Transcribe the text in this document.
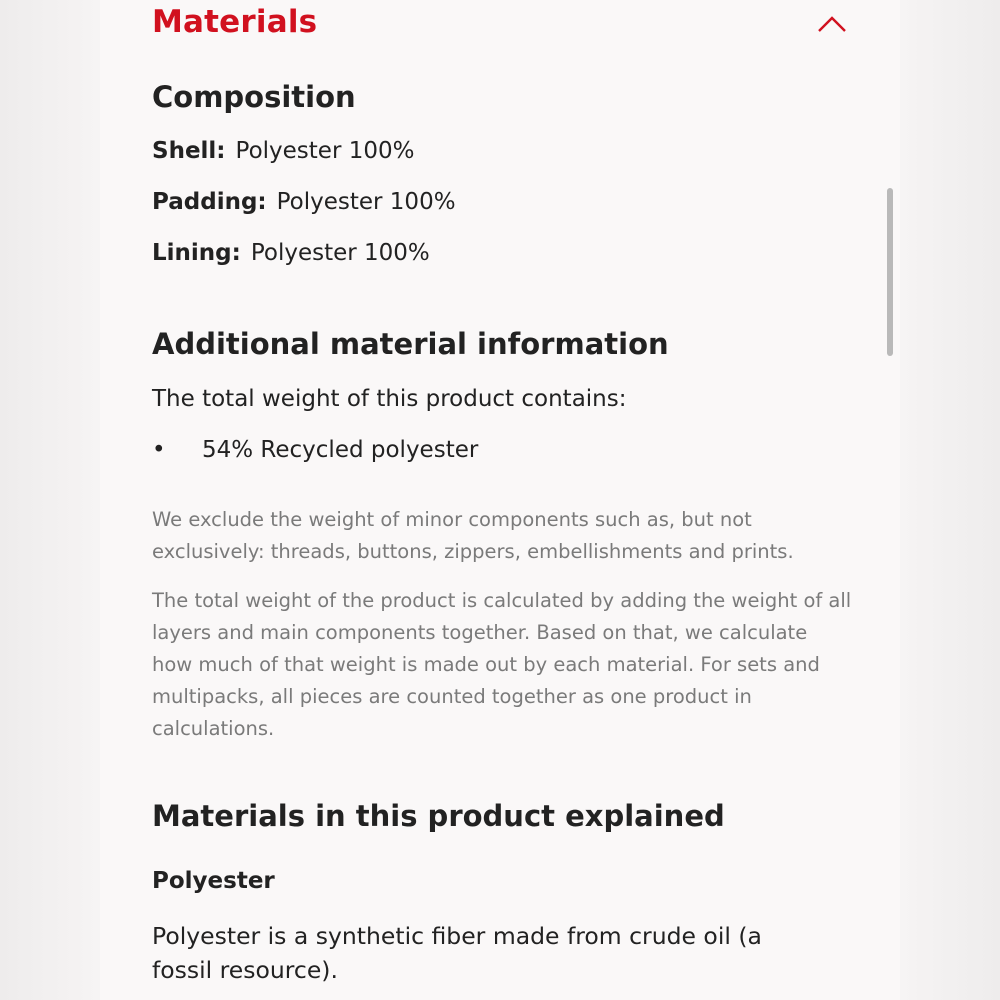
Materials
Composition
Shell: Polyester 100%
Padding: Polyester 100%
Lining: Polyester 100%
Additional material information
The total weight of this product contains:
• 54% Recycled polyester
We exclude the weight of minor components such as, but not exclusively: threads, buttons, zippers, embellishments and prints.
The total weight of the product is calculated by adding the weight of all layers and main components together. Based on that, we calculate how much of that weight is made out by each material. For sets and multipacks, all pieces are counted together as one product in calculations.
Materials in this product explained
Polyester
Polyester is a synthetic fiber made from crude oil (a fossil resource).
